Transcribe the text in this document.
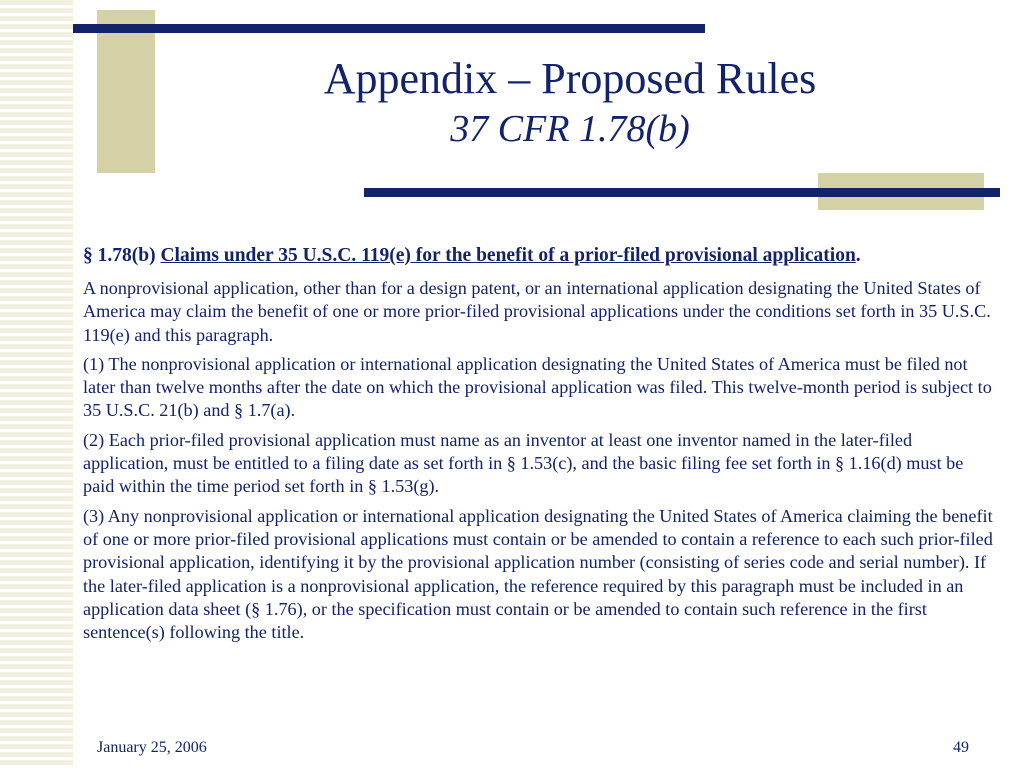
Appendix – Proposed Rules
37 CFR 1.78(b)

§ 1.78(b) Claims under 35 U.S.C. 119(e) for the benefit of a prior-filed provisional application.

A nonprovisional application, other than for a design patent, or an international application designating the United States of America may claim the benefit of one or more prior-filed provisional applications under the conditions set forth in 35 U.S.C. 119(e) and this paragraph.

(1) The nonprovisional application or international application designating the United States of America must be filed not later than twelve months after the date on which the provisional application was filed. This twelve-month period is subject to 35 U.S.C. 21(b) and § 1.7(a).

(2) Each prior-filed provisional application must name as an inventor at least one inventor named in the later-filed application, must be entitled to a filing date as set forth in § 1.53(c), and the basic filing fee set forth in § 1.16(d) must be paid within the time period set forth in § 1.53(g).

(3) Any nonprovisional application or international application designating the United States of America claiming the benefit of one or more prior-filed provisional applications must contain or be amended to contain a reference to each such prior-filed provisional application, identifying it by the provisional application number (consisting of series code and serial number). If the later-filed application is a nonprovisional application, the reference required by this paragraph must be included in an application data sheet (§ 1.76), or the specification must contain or be amended to contain such reference in the first sentence(s) following the title.

January 25, 2006	49
